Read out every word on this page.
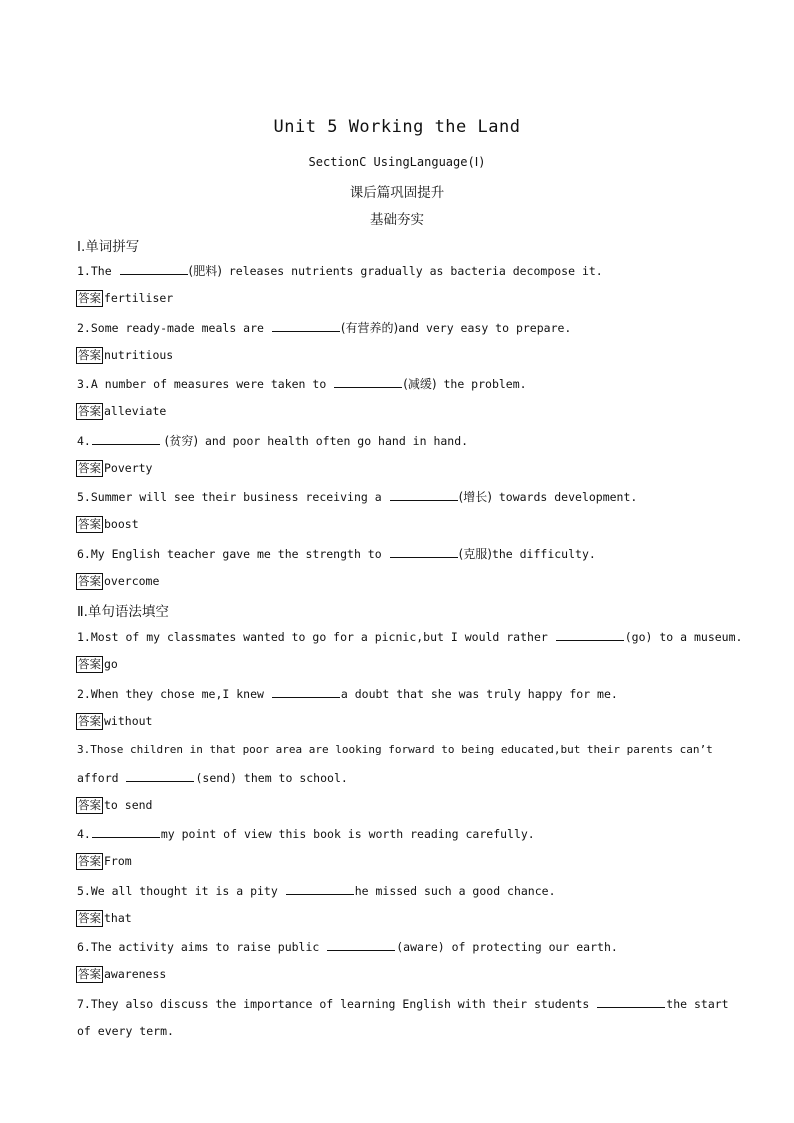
Unit 5 Working the Land
SectionC UsingLanguage(Ⅰ)
课后篇巩固提升
基础夯实
Ⅰ.单词拼写
1.The	(肥料) releases nutrients gradually as bacteria decompose it.
答案 fertiliser
2.Some ready-made meals are	(有营养的)and very easy to prepare.
答案 nutritious
3.A number of measures were taken to	(减缓) the problem.
答案 alleviate
4.	(贫穷) and poor health often go hand in hand.
答案 Poverty
5.Summer will see their business receiving a	(增长) towards development.
答案 boost
6.My English teacher gave me the strength to	(克服)the difficulty.
答案 overcome
Ⅱ.单句语法填空
1.Most of my classmates wanted to go for a picnic,but I would rather	(go) to a museum.
答案 go
2.When they chose me,I knew	a doubt that she was truly happy for me.
答案 without
3.Those children in that poor area are looking forward to being educated,but their parents can’t
afford	(send) them to school.
答案 to send
4.	my point of view this book is worth reading carefully.
答案 From
5.We all thought it is a pity	he missed such a good chance.
答案 that
6.The activity aims to raise public	(aware) of protecting our earth.
答案 awareness
7.They also discuss the importance of learning English with their students	the start
of every term.
